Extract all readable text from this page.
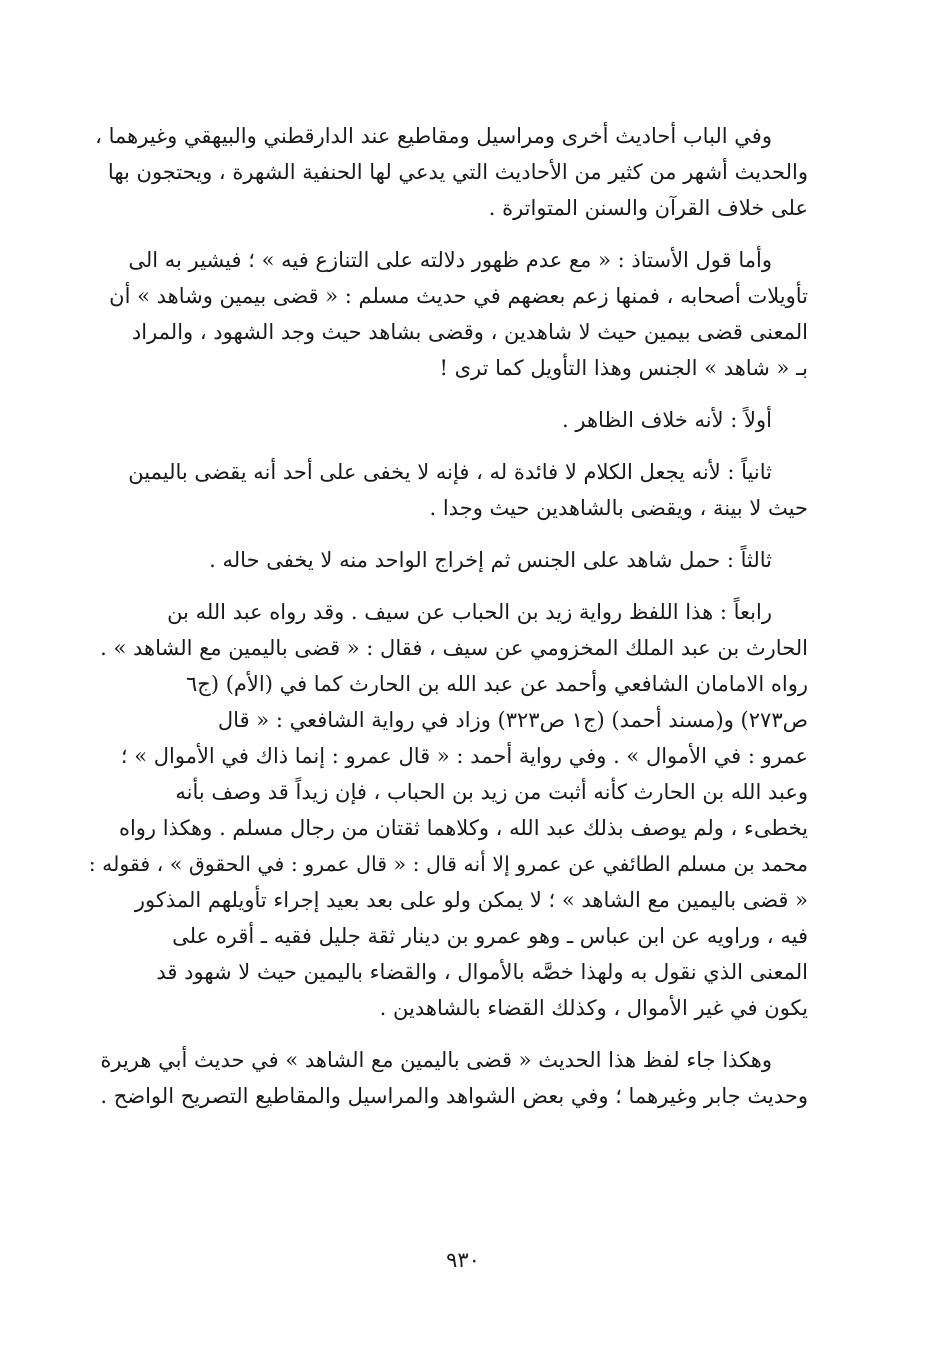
وفي الباب أحاديث أخرى ومراسيل ومقاطيع عند الدارقطني والبيهقي وغيرهما ،
والحديث أشهر من كثير من الأحاديث التي يدعي لها الحنفية الشهرة ، ويحتجون بها
على خلاف القرآن والسنن المتواترة .

وأما قول الأستاذ : « مع عدم ظهور دلالته على التنازع فيه » ؛ فيشير به الى
تأويلات أصحابه ، فمنها زعم بعضهم في حديث مسلم : « قضى بيمين وشاهد » أن
المعنى قضى بيمين حيث لا شاهدين ، وقضى بشاهد حيث وجد الشهود ، والمراد
بـ « شاهد » الجنس وهذا التأويل كما ترى !

أولاً : لأنه خلاف الظاهر .

ثانياً : لأنه يجعل الكلام لا فائدة له ، فإنه لا يخفى على أحد أنه يقضى باليمين
حيث لا بينة ، ويقضى بالشاهدين حيث وجدا .

ثالثاً : حمل شاهد على الجنس ثم إخراج الواحد منه لا يخفى حاله .

رابعاً : هذا اللفظ رواية زيد بن الحباب عن سيف . وقد رواه عبد الله بن
الحارث بن عبد الملك المخزومي عن سيف ، فقال : « قضى باليمين مع الشاهد » .
رواه الامامان الشافعي وأحمد عن عبد الله بن الحارث كما في (الأم) (ج٦
ص٢٧٣) و(مسند أحمد) (ج١ ص٣٢٣) وزاد في رواية الشافعي : « قال
عمرو : في الأموال » . وفي رواية أحمد : « قال عمرو : إنما ذاك في الأموال » ؛
وعبد الله بن الحارث كأنه أثبت من زيد بن الحباب ، فإن زيداً قد وصف بأنه
يخطىء ، ولم يوصف بذلك عبد الله ، وكلاهما ثقتان من رجال مسلم . وهكذا رواه
محمد بن مسلم الطائفي عن عمرو إلا أنه قال : « قال عمرو : في الحقوق » ، فقوله :
« قضى باليمين مع الشاهد » ؛ لا يمكن ولو على بعد بعيد إجراء تأويلهم المذكور
فيه ، وراويه عن ابن عباس ـ وهو عمرو بن دينار ثقة جليل فقيه ـ أقره على
المعنى الذي نقول به ولهذا خصَّه بالأموال ، والقضاء باليمين حيث لا شهود قد
يكون في غير الأموال ، وكذلك القضاء بالشاهدين .

وهكذا جاء لفظ هذا الحديث « قضى باليمين مع الشاهد » في حديث أبي هريرة
وحديث جابر وغيرهما ؛ وفي بعض الشواهد والمراسيل والمقاطيع التصريح الواضح .

٩٣٠
